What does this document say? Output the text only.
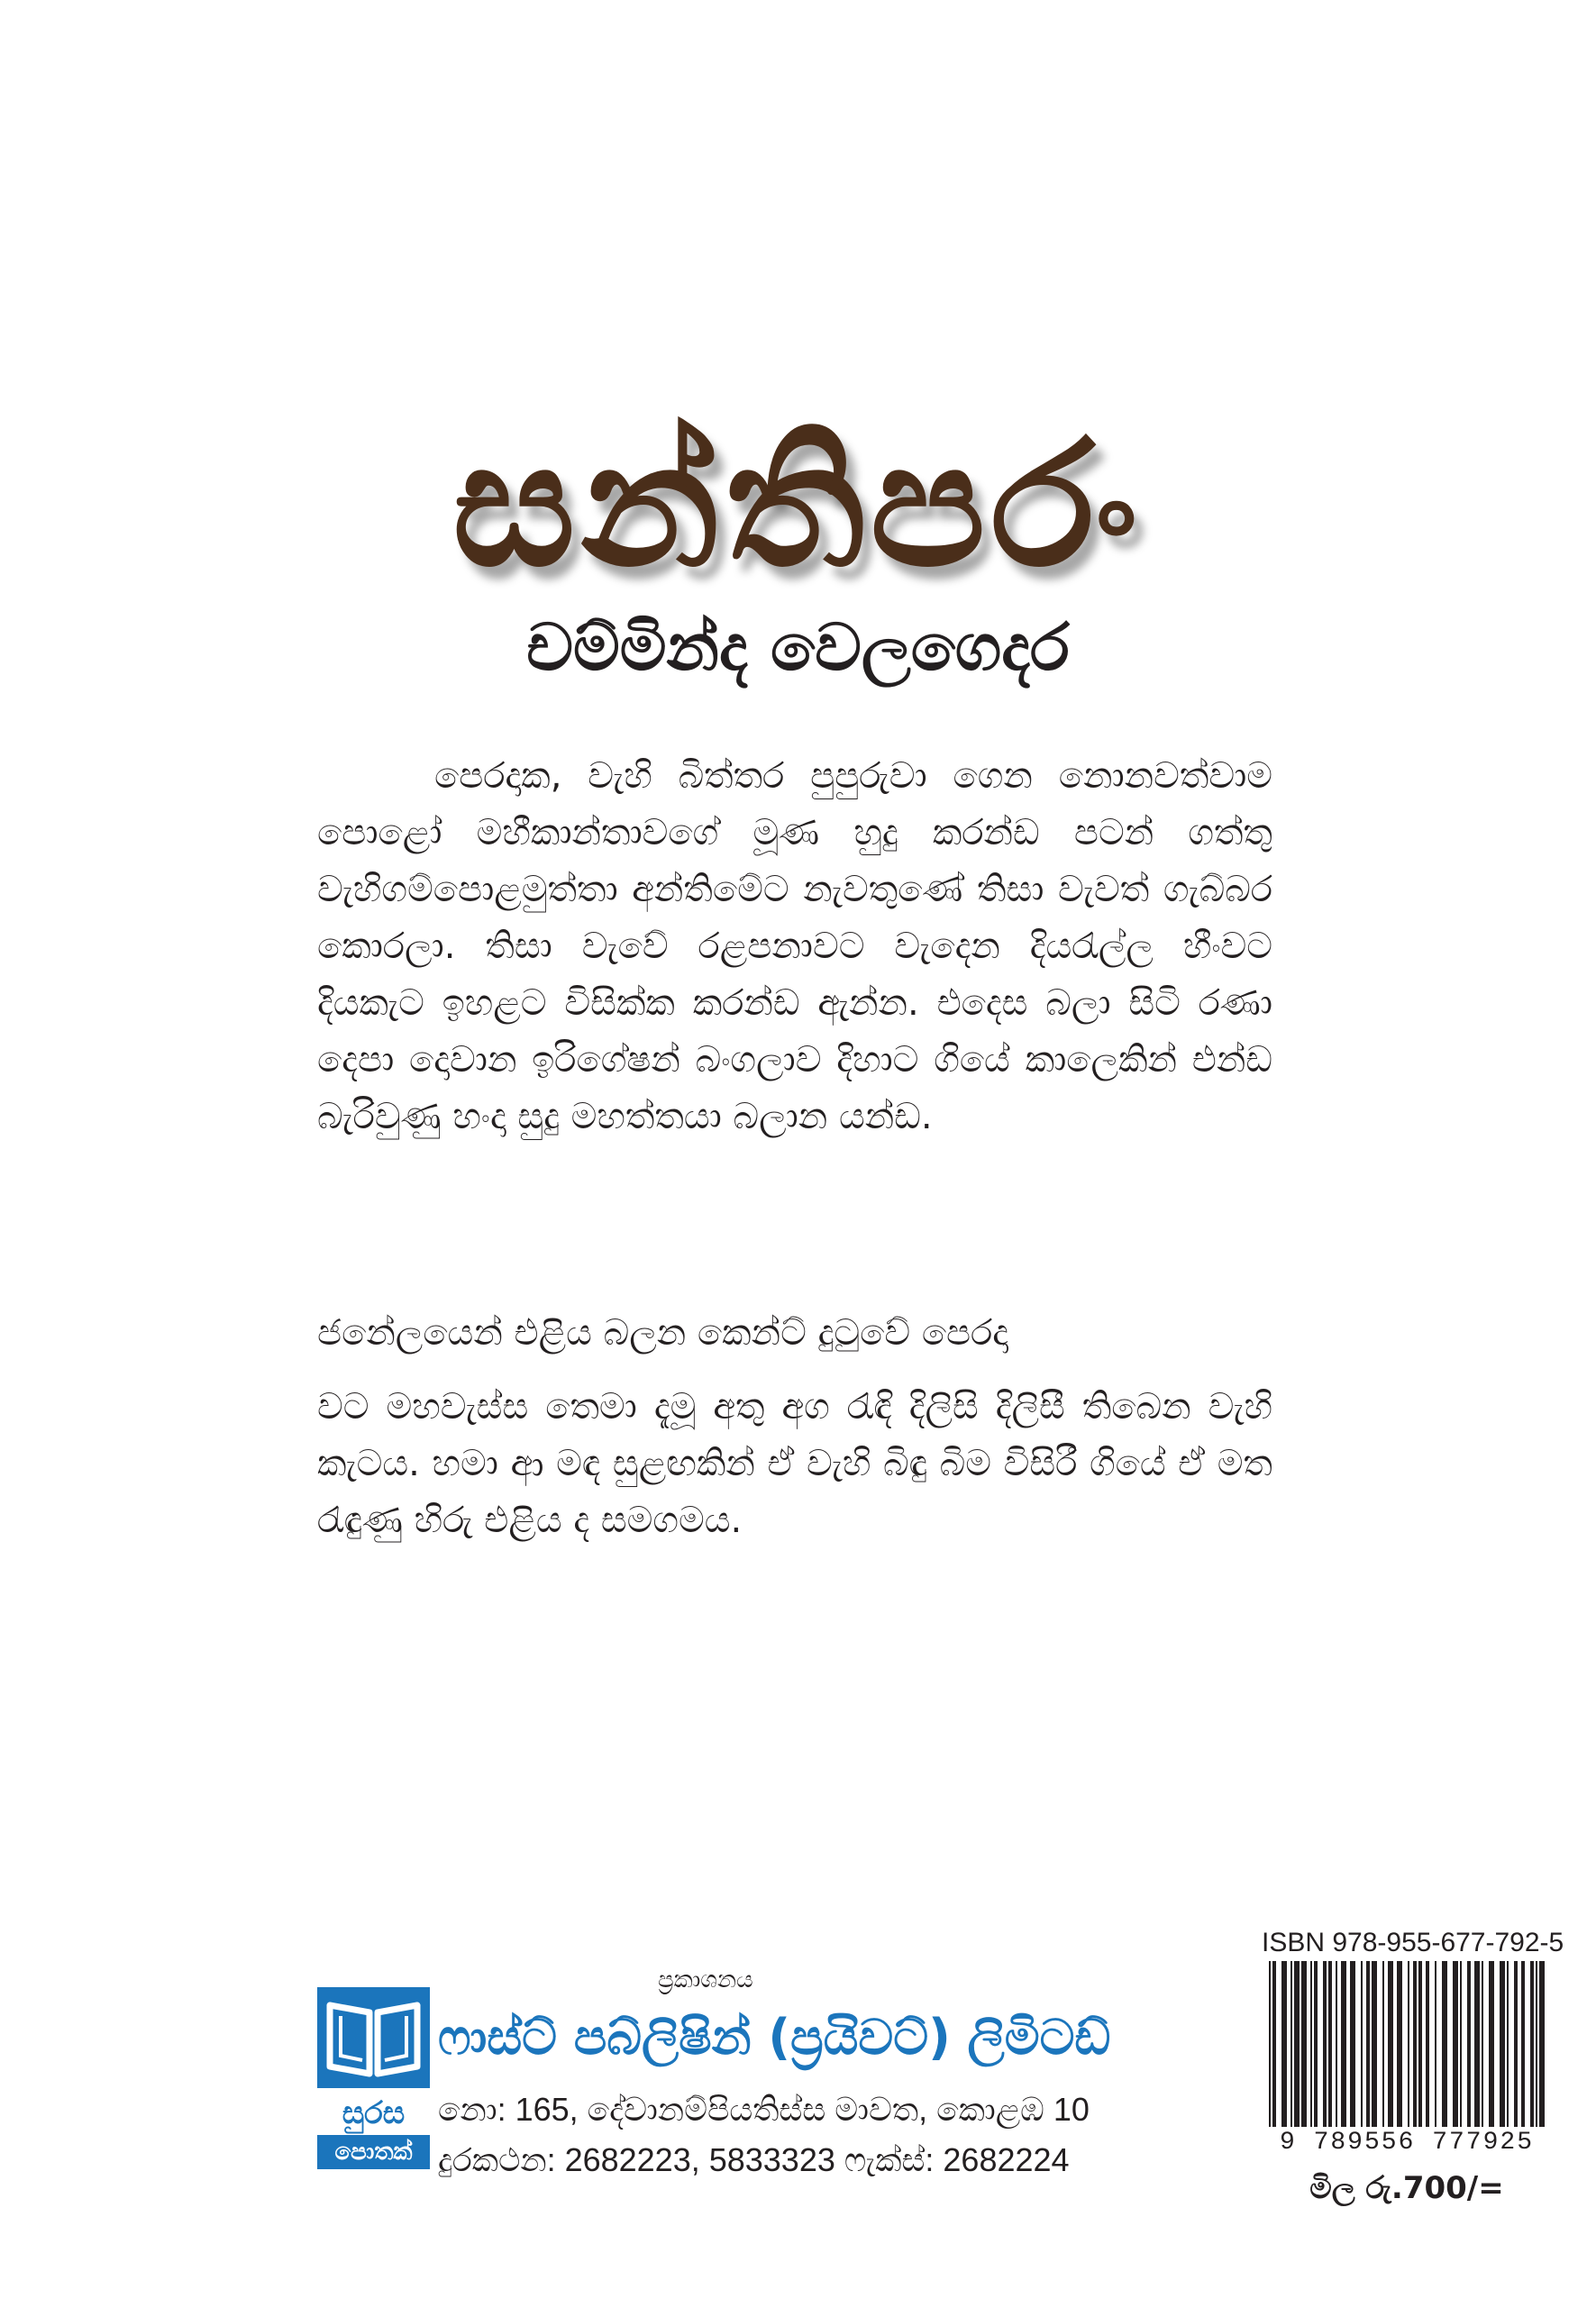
සන්තිපරං
චම්මින්ද වෙලගෙදර

පෙරදාක, වැහි බිත්තර පුපුරුවා ගෙන නොනවත්වාම පොළෝ මහීකාන්තාවගේ මූණ හුදු කරන්ඩ පටන් ගත්තු වැහිගම්පොළමුත්තා අන්තිමේට නැවතුණේ තිසා වැවත් ගැබ්බර කොරලා. තිසා වැවේ රළපනාවට වැදෙන දියරැල්ල හීංවට දියකැට ඉහළට විසික්ක කරන්ඩ ඇන්න. එදෙස බලා සිටි රණා දෙපා දොවාන ඉරිගේෂන් බංගලාව දිහාට ගියේ කාලෙකින් එන්ඩ බැරිවුණු හංදා සුදු මහත්තයා බලාන යන්ඩ.

ජනේලයෙන් එළිය බලන කෙන්ට් දුටුවේ පෙරදා

වට මහවැස්ස තෙමා දැමූ අතු අග රැඳි දිලිසි දිලිසී තිබෙන වැහි කැටය. හමා ආ මඳ සුළඟකින් ඒ වැහි බිඳු බිම විසිරී ගියේ ඒ මත රැඳුණු හිරු එළිය ද සමගමය.

ISBN 978-955-677-792-5
9 789556 777925
මිල රු.700/=
ප්‍රකාශනය
සුරස
පොතක්
ෆාස්ට් පබ්ලිෂින් (ප්‍රයිවට්) ලිමිටඩ්
නො: 165, දේවානම්පියතිස්ස මාවත, කොළඹ 10
දුරකථන: 2682223, 5833323 ෆැක්ස්: 2682224
